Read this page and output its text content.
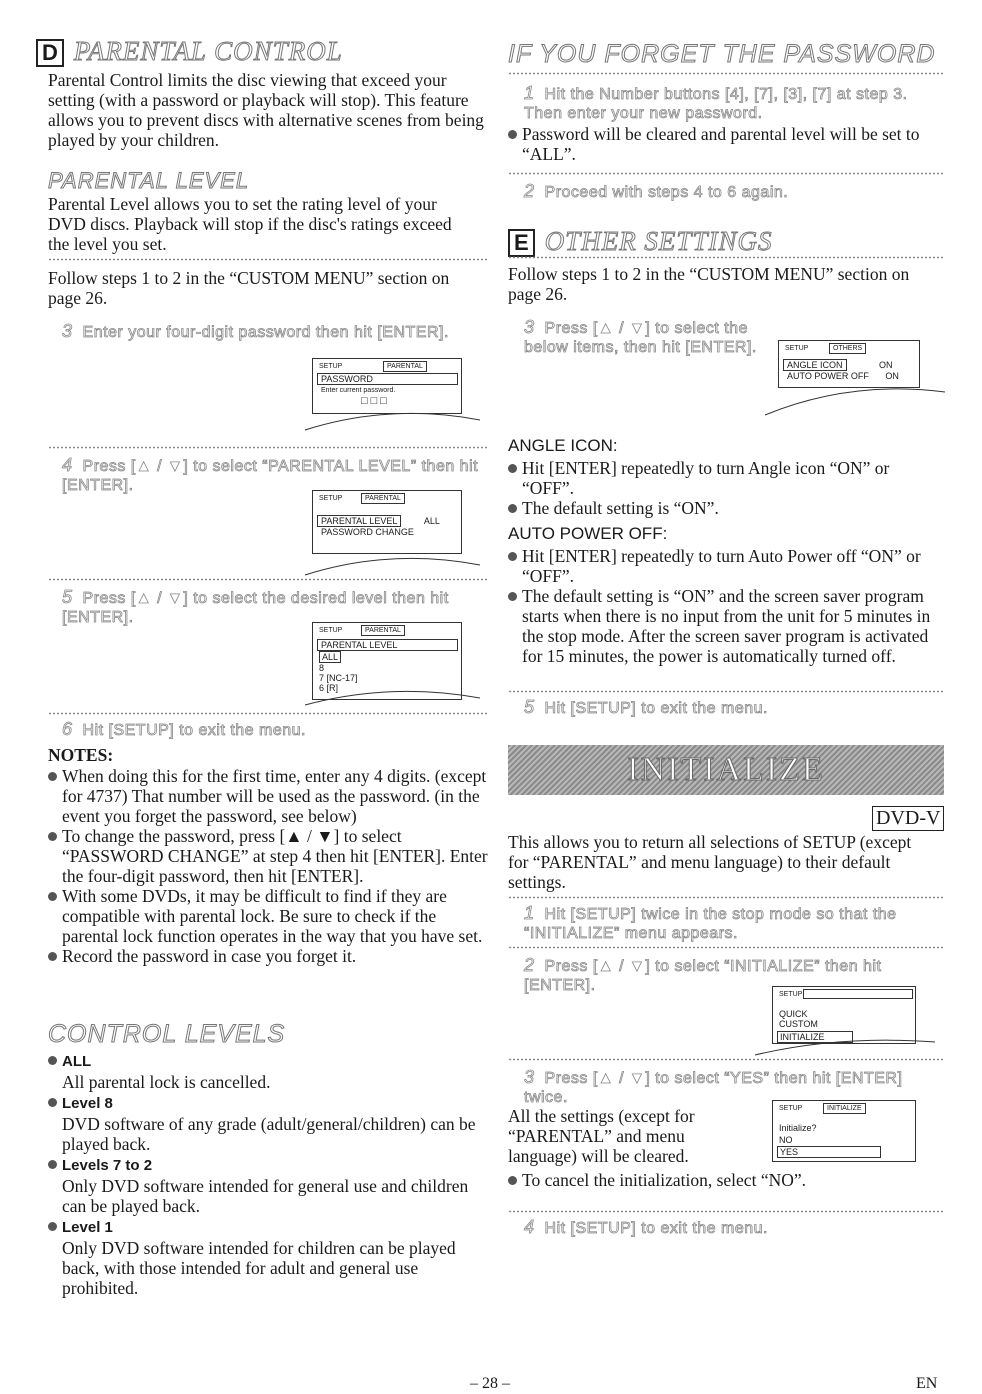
D PARENTAL CONTROL
Parental Control limits the disc viewing that exceed your setting (with a password or playback will stop). This feature allows you to prevent discs with alternative scenes from being played by your children.
PARENTAL LEVEL
Parental Level allows you to set the rating level of your DVD discs. Playback will stop if the disc's ratings exceed the level you set.
Follow steps 1 to 2 in the “CUSTOM MENU” section on page 26.
3 Enter your four-digit password then hit [ENTER].
SETUP	PARENTAL
PASSWORD
Enter current password.
□□□
4 Press [▲ / ▼] to select “PARENTAL LEVEL” then hit [ENTER].
SETUP	PARENTAL
PARENTAL LEVEL	ALL
PASSWORD CHANGE
5 Press [▲ / ▼] to select the desired level then hit [ENTER].
SETUP	PARENTAL
PARENTAL LEVEL
ALL
8
7 [NC-17]
6 [R]
6 Hit [SETUP] to exit the menu.
NOTES:
When doing this for the first time, enter any 4 digits. (except for 4737) That number will be used as the password. (in the event you forget the password, see below)
To change the password, press [▲ / ▼] to select “PASSWORD CHANGE” at step 4 then hit [ENTER]. Enter the four-digit password, then hit [ENTER].
With some DVDs, it may be difficult to find if they are compatible with parental lock. Be sure to check if the parental lock function operates in the way that you have set.
Record the password in case you forget it.
CONTROL LEVELS
ALL
All parental lock is cancelled.
Level 8
DVD software of any grade (adult/general/children) can be played back.
Levels 7 to 2
Only DVD software intended for general use and children can be played back.
Level 1
Only DVD software intended for children can be played back, with those intended for adult and general use prohibited.
IF YOU FORGET THE PASSWORD
1 Hit the Number buttons [4], [7], [3], [7] at step 3. Then enter your new password.
Password will be cleared and parental level will be set to “ALL”.
2 Proceed with steps 4 to 6 again.
E OTHER SETTINGS
Follow steps 1 to 2 in the “CUSTOM MENU” section on page 26.
3 Press [▲ / ▼] to select the below items, then hit [ENTER].	SETUP	OTHERS
ANGLE ICON	ON
AUTO POWER OFF ON
ANGLE ICON:
Hit [ENTER] repeatedly to turn Angle icon “ON” or “OFF”.
The default setting is “ON”.
AUTO POWER OFF:
Hit [ENTER] repeatedly to turn Auto Power off “ON” or “OFF”.
The default setting is “ON” and the screen saver program starts when there is no input from the unit for 5 minutes in the stop mode. After the screen saver program is activated for 15 minutes, the power is automatically turned off.
5 Hit [SETUP] to exit the menu.
INITIALIZE
DVD-V
This allows you to return all selections of SETUP (except for “PARENTAL” and menu language) to their default settings.
1 Hit [SETUP] twice in the stop mode so that the “INITIALIZE” menu appears.
2 Press [▲ / ▼] to select “INITIALIZE” then hit [ENTER].
SETUP
QUICK
CUSTOM
INITIALIZE
3 Press [▲ / ▼] to select “YES” then hit [ENTER] twice.
All the settings (except for “PARENTAL” and menu language) will be cleared.
SETUP	INITIALIZE
Initialize?
NO
YES
To cancel the initialization, select “NO”.
4 Hit [SETUP] to exit the menu.
– 28 –	EN
